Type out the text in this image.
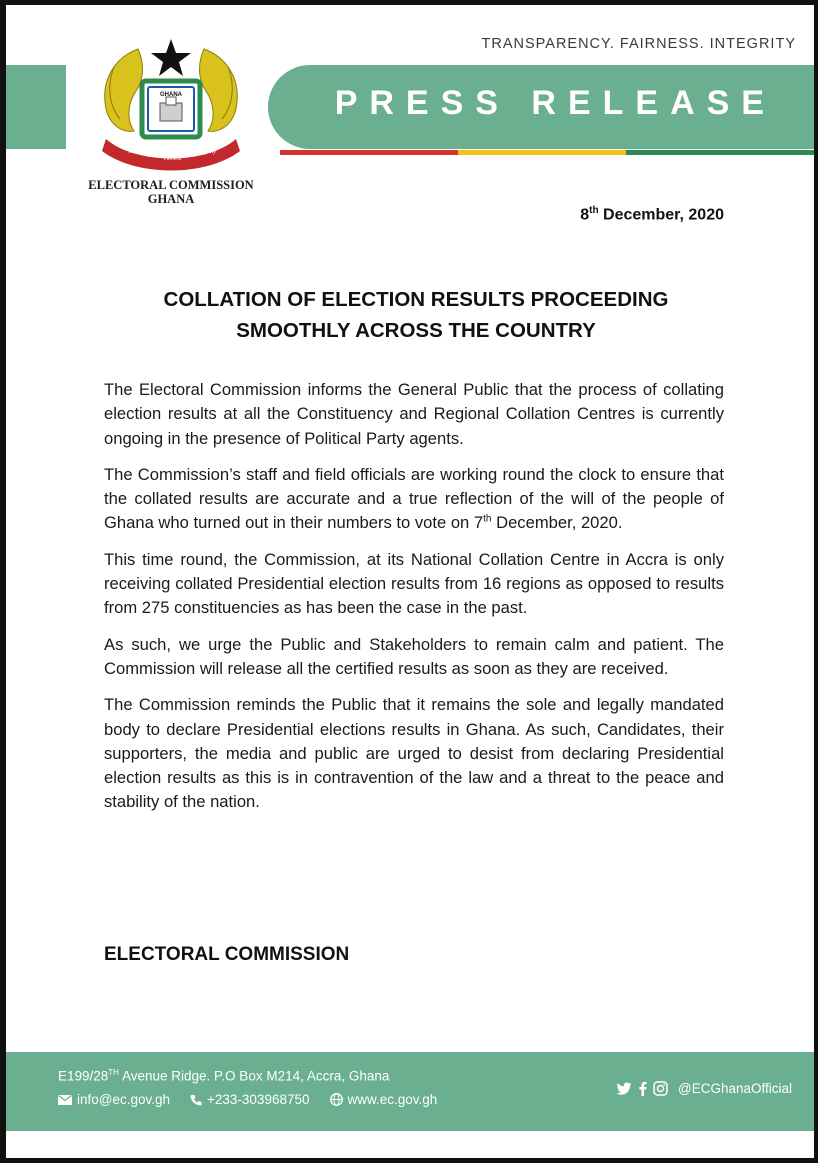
TRANSPARENCY. FAIRNESS. INTEGRITY
PRESS RELEASE
GHANA
Transparency
Fairness
Integrity
ELECTORAL COMMISSION
GHANA
8th December, 2020
COLLATION OF ELECTION RESULTS PROCEEDING
SMOOTHLY ACROSS THE COUNTRY

The Electoral Commission informs the General Public that the process of collating election results at all the Constituency and Regional Collation Centres is currently ongoing in the presence of Political Party agents.

The Commission’s staff and field officials are working round the clock to ensure that the collated results are accurate and a true reflection of the will of the people of Ghana who turned out in their numbers to vote on 7th December, 2020.

This time round, the Commission, at its National Collation Centre in Accra is only receiving collated Presidential election results from 16 regions as opposed to results from 275 constituencies as has been the case in the past.

As such, we urge the Public and Stakeholders to remain calm and patient. The Commission will release all the certified results as soon as they are received.

The Commission reminds the Public that it remains the sole and legally mandated body to declare Presidential elections results in Ghana. As such, Candidates, their supporters, the media and public are urged to desist from declaring Presidential election results as this is in contravention of the law and a threat to the peace and stability of the nation.

ELECTORAL COMMISSION
E199/28TH Avenue Ridge. P.O Box M214, Accra, Ghana
info@ec.gov.gh	+233-303968750	www.ec.gov.gh
@ECGhanaOfficial
